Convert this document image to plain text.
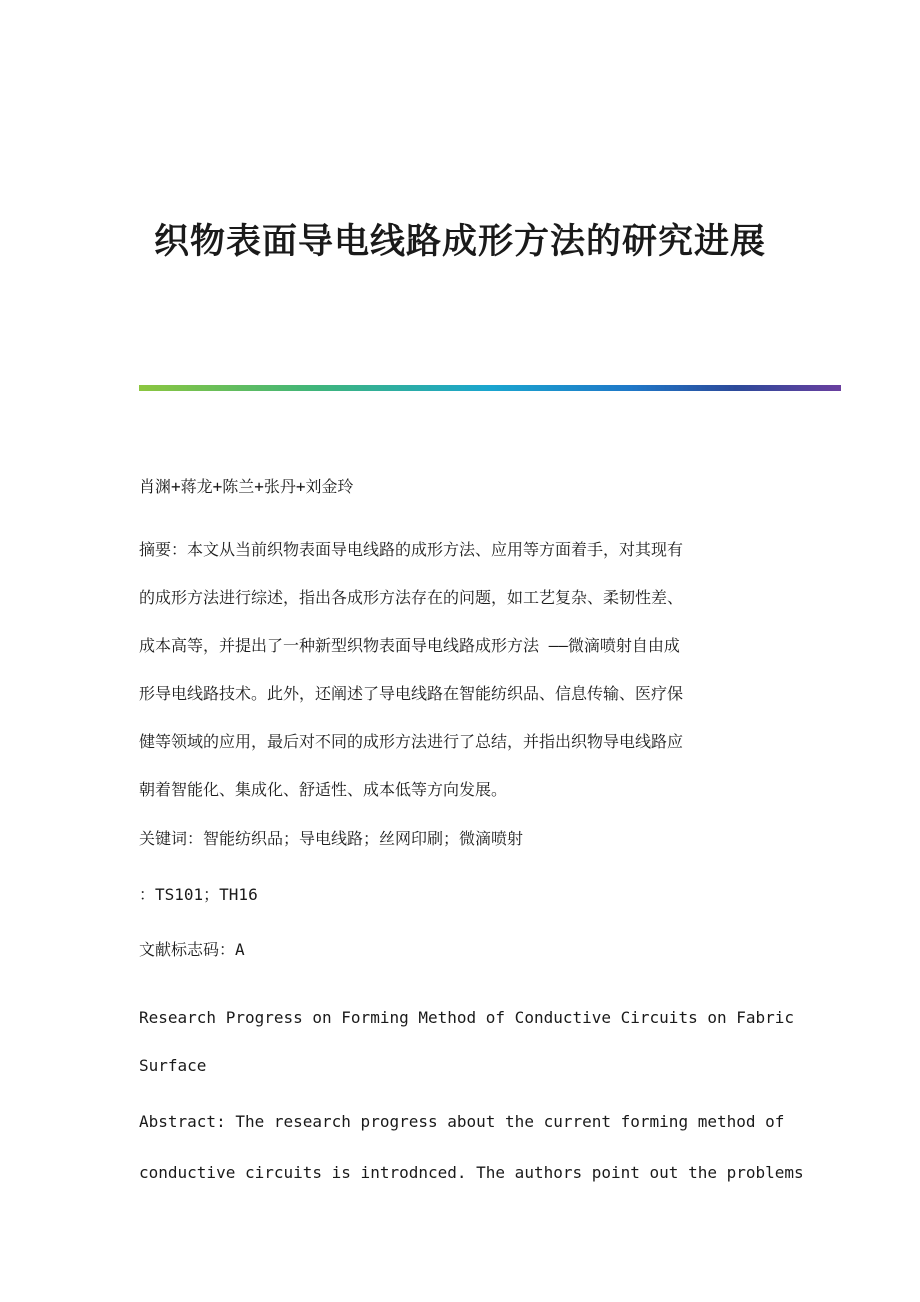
织物表面导电线路成形方法的研究进展

肖渊+蒋龙+陈兰+张丹+刘金玲

摘要：本文从当前织物表面导电线路的成形方法、应用等方面着手，对其现有
的成形方法进行综述，指出各成形方法存在的问题，如工艺复杂、柔韧性差、
成本高等，并提出了一种新型织物表面导电线路成形方法 ——微滴喷射自由成
形导电线路技术。此外，还阐述了导电线路在智能纺织品、信息传输、医疗保
健等领域的应用，最后对不同的成形方法进行了总结，并指出织物导电线路应
朝着智能化、集成化、舒适性、成本低等方向发展。

关键词：智能纺织品；导电线路；丝网印刷；微滴喷射

：TS101；TH16

文献标志码：A

Research Progress on Forming Method of Conductive Circuits on Fabric
Surface
Abstract: The research progress about the current forming method of
conductive circuits is introdnced. The authors point out the problems
